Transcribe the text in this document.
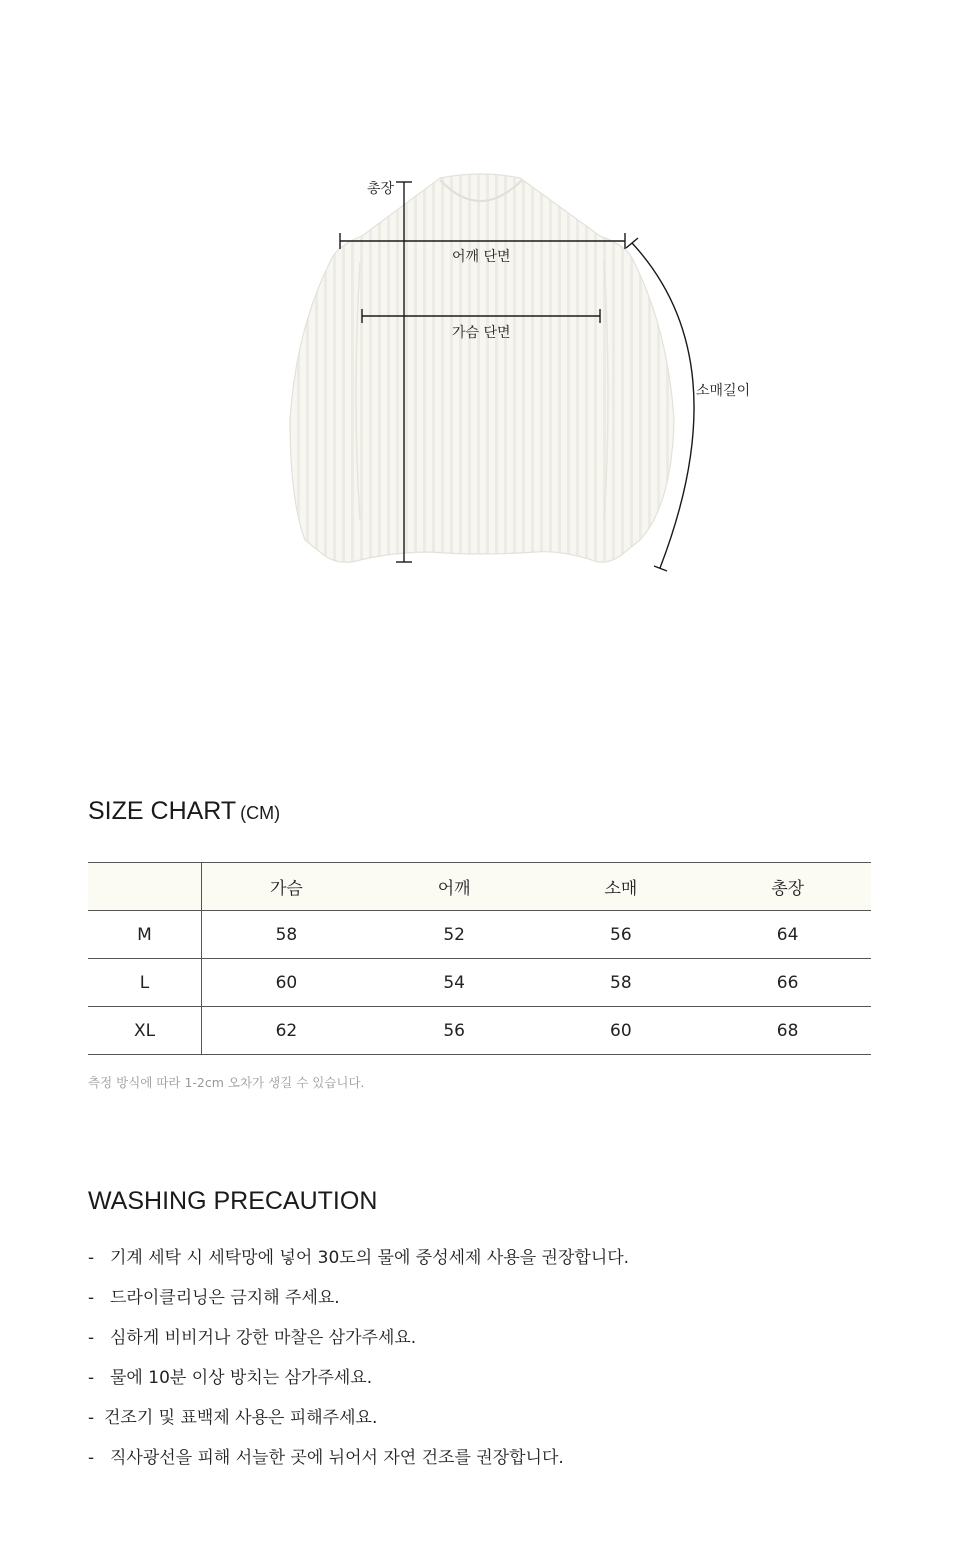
총장
어깨 단면
가슴 단면
소매길이
SIZE CHART (CM)
	가슴	어깨	소매	총장
M	58	52	56	64
L	60	54	58	66
XL	62	56	60	68
측정 방식에 따라 1-2cm 오차가 생길 수 있습니다.
WASHING PRECAUTION
- 기계 세탁 시 세탁망에 넣어 30도의 물에 중성세제 사용을 권장합니다.
- 드라이클리닝은 금지해 주세요.
- 심하게 비비거나 강한 마찰은 삼가주세요.
- 물에 10분 이상 방치는 삼가주세요.
- 건조기 및 표백제 사용은 피해주세요.
- 직사광선을 피해 서늘한 곳에 뉘어서 자연 건조를 권장합니다.
